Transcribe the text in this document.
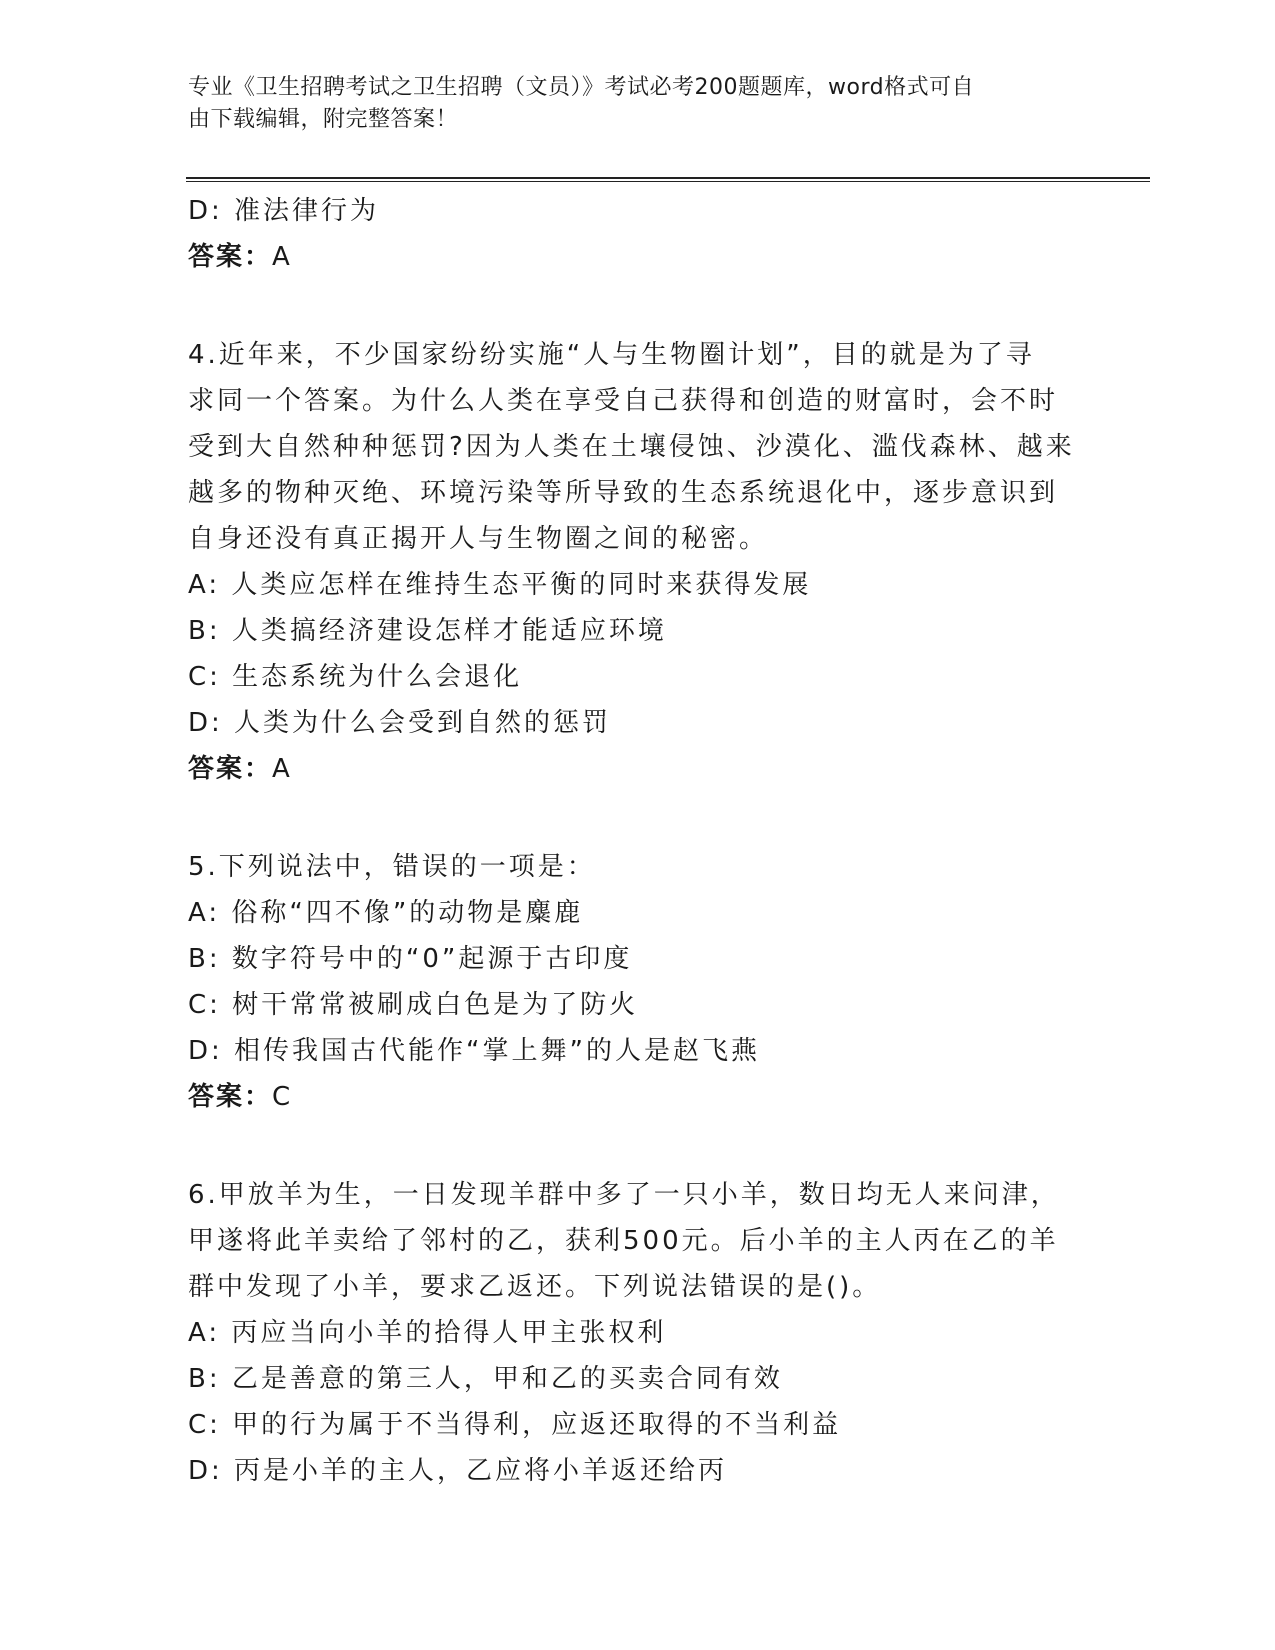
专业《卫生招聘考试之卫生招聘（文员）》考试必考200题题库，word格式可自
由下载编辑，附完整答案！
D: 准法律行为
答案：A
4.近年来，不少国家纷纷实施“人与生物圈计划”，目的就是为了寻
求同一个答案。为什么人类在享受自己获得和创造的财富时，会不时
受到大自然种种惩罚?因为人类在土壤侵蚀、沙漠化、滥伐森林、越来
越多的物种灭绝、环境污染等所导致的生态系统退化中，逐步意识到
自身还没有真正揭开人与生物圈之间的秘密。
A: 人类应怎样在维持生态平衡的同时来获得发展
B: 人类搞经济建设怎样才能适应环境
C: 生态系统为什么会退化
D: 人类为什么会受到自然的惩罚
答案：A
5.下列说法中，错误的一项是：
A: 俗称“四不像”的动物是麋鹿
B: 数字符号中的“0”起源于古印度
C: 树干常常被刷成白色是为了防火
D: 相传我国古代能作“掌上舞”的人是赵飞燕
答案：C
6.甲放羊为生，一日发现羊群中多了一只小羊，数日均无人来问津，
甲遂将此羊卖给了邻村的乙，获利500元。后小羊的主人丙在乙的羊
群中发现了小羊，要求乙返还。下列说法错误的是()。
A: 丙应当向小羊的拾得人甲主张权利
B: 乙是善意的第三人，甲和乙的买卖合同有效
C: 甲的行为属于不当得利，应返还取得的不当利益
D: 丙是小羊的主人，乙应将小羊返还给丙
